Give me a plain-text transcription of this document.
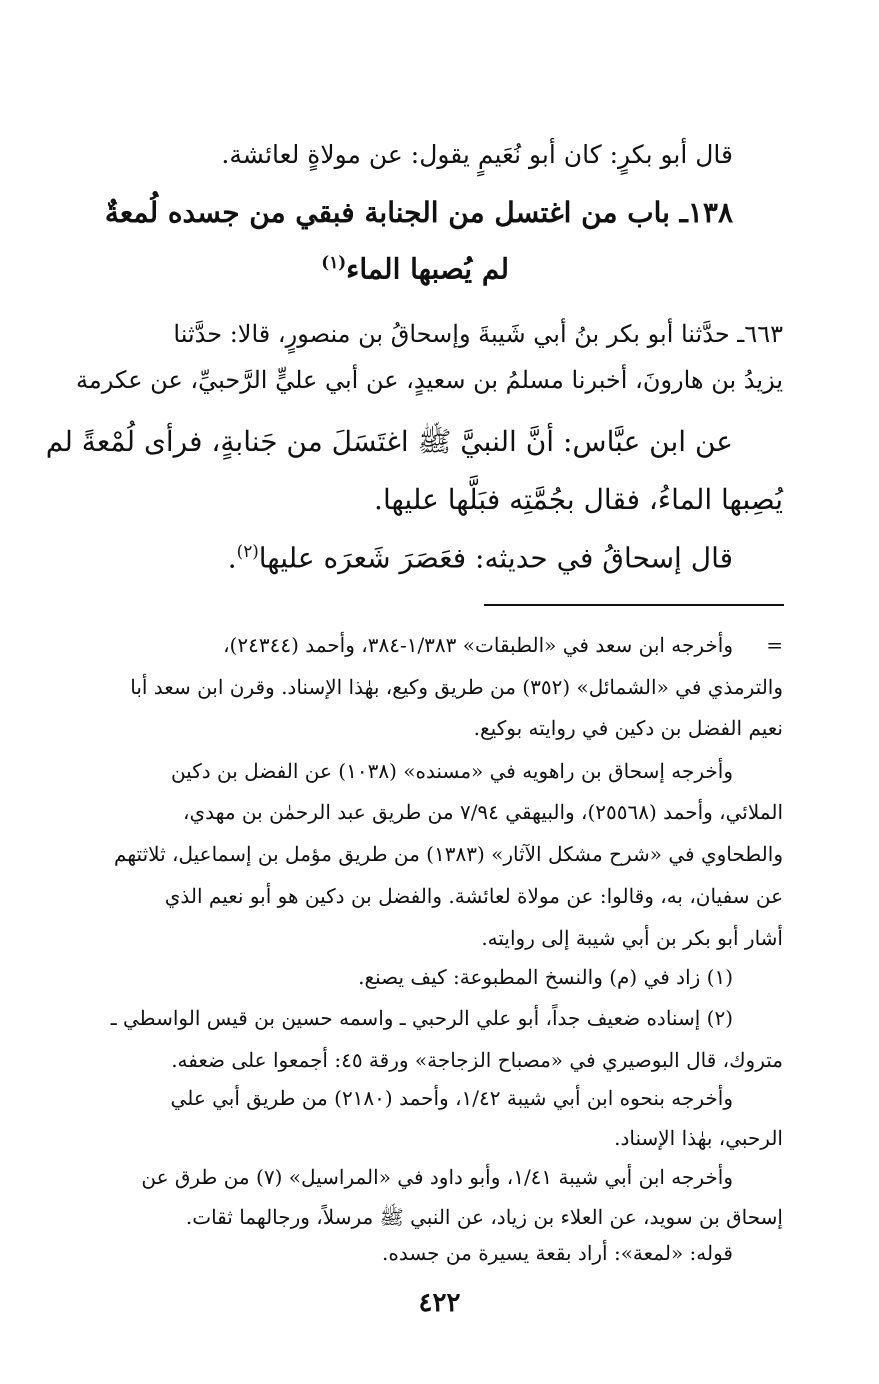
قال أبو بكرٍ: كان أبو نُعَيمٍ يقول: عن مولاةٍ لعائشة.

١٣٨ـ باب من اغتسل من الجنابة فبقي من جسده لُمعةٌ

لم يُصبها الماء$^{(١)}$

٦٦٣ـ حدَّثنا أبو بكر بنُ أبي شَيبةَ وإسحاقُ بن منصورٍ، قالا: حدَّثنا

يزيدُ بن هارونَ، أخبرنا مسلمُ بن سعيدٍ، عن أبي عليٍّ الرَّحبيِّ، عن عكرمة

عن ابن عبَّاس: أنَّ النبيَّ ﷺ اغتَسَلَ من جَنابةٍ، فرأى لُمْعةً لم

يُصِبها الماءُ، فقال بجُمَّتِه فبَلَّها عليها.

قال إسحاقُ في حديثه: فعَصَرَ شَعرَه عليها$^{(٢)}$.

=

وأخرجه ابن سعد في «الطبقات» ١/٣٨٣-٣٨٤، وأحمد (٢٤٣٤٤)،

والترمذي في «الشمائل» (٣٥٢) من طريق وكيع، بهٰذا الإسناد. وقرن ابن سعد أبا

نعيم الفضل بن دكين في روايته بوكيع.

وأخرجه إسحاق بن راهويه في «مسنده» (١٠٣٨) عن الفضل بن دكين

الملائي، وأحمد (٢٥٥٦٨)، والبيهقي ٧/٩٤ من طريق عبد الرحمٰن بن مهدي،

والطحاوي في «شرح مشكل الآثار» (١٣٨٣) من طريق مؤمل بن إسماعيل، ثلاثتهم

عن سفيان، به، وقالوا: عن مولاة لعائشة. والفضل بن دكين هو أبو نعيم الذي

أشار أبو بكر بن أبي شيبة إلى روايته.

(١) زاد في (م) والنسخ المطبوعة: كيف يصنع.

(٢) إسناده ضعيف جداً، أبو علي الرحبي ـ واسمه حسين بن قيس الواسطي ـ

متروك، قال البوصيري في «مصباح الزجاجة» ورقة ٤٥: أجمعوا على ضعفه.

وأخرجه بنحوه ابن أبي شيبة ١/٤٢، وأحمد (٢١٨٠) من طريق أبي علي

الرحبي، بهٰذا الإسناد.

وأخرجه ابن أبي شيبة ١/٤١، وأبو داود في «المراسيل» (٧) من طرق عن

إسحاق بن سويد، عن العلاء بن زياد، عن النبي ﷺ مرسلاً، ورجالهما ثقات.

قوله: «لمعة»: أراد بقعة يسيرة من جسده.

٤٢٢
